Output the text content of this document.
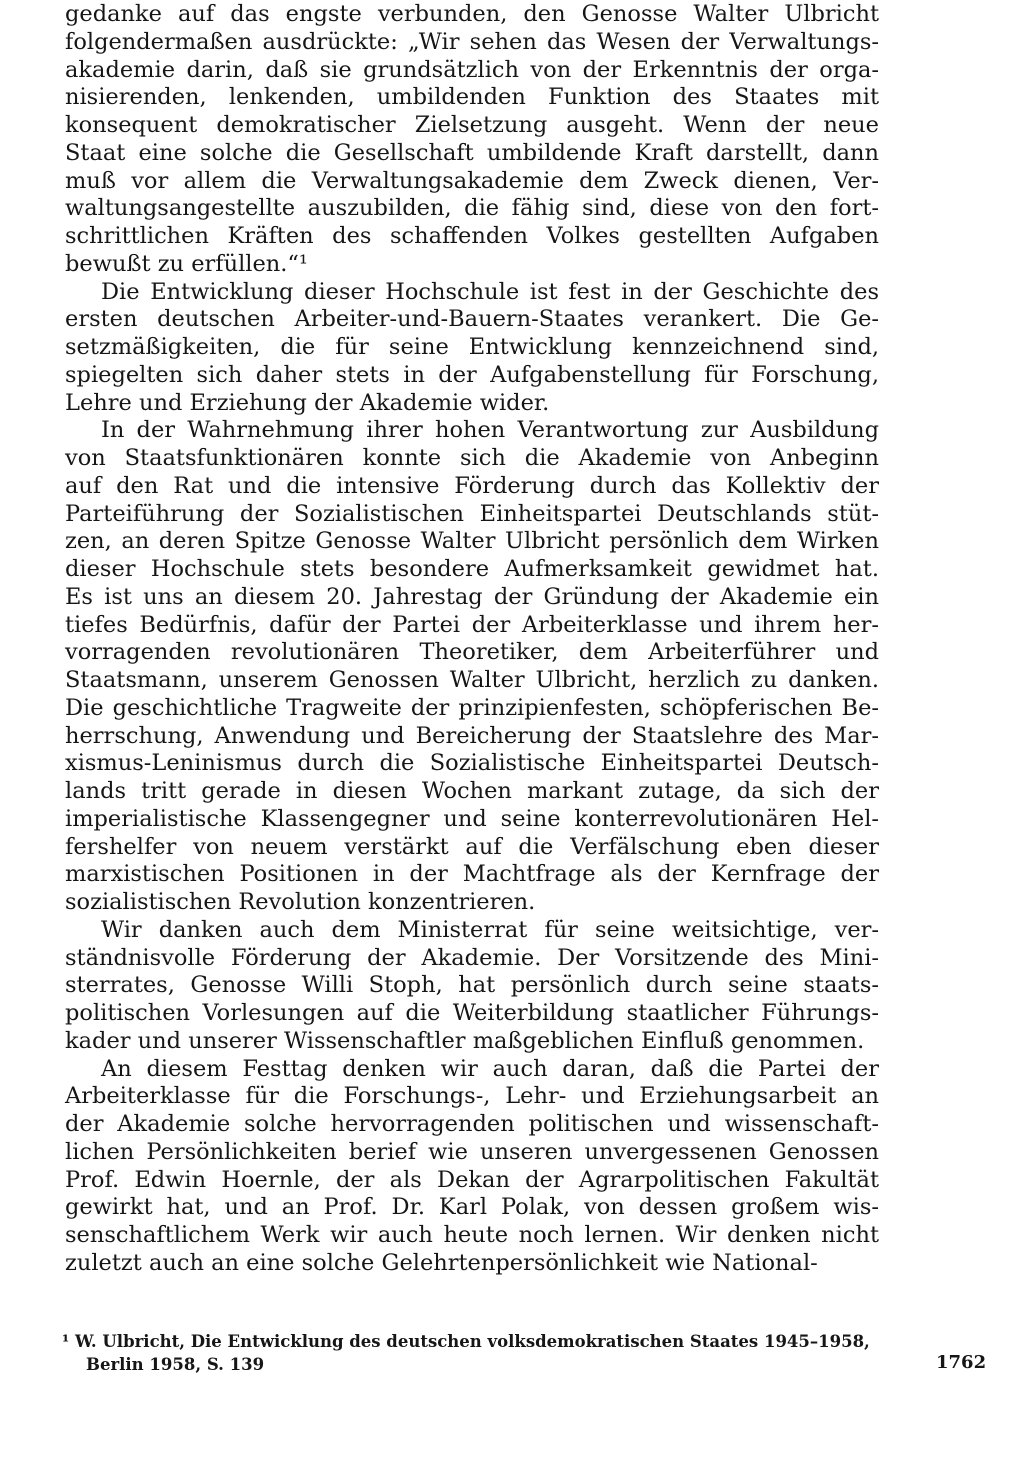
gedanke auf das engste verbunden, den Genosse Walter Ulbricht
folgendermaßen ausdrückte: „Wir sehen das Wesen der Verwaltungs-
akademie darin, daß sie grundsätzlich von der Erkenntnis der orga-
nisierenden, lenkenden, umbildenden Funktion des Staates mit
konsequent demokratischer Zielsetzung ausgeht. Wenn der neue
Staat eine solche die Gesellschaft umbildende Kraft darstellt, dann
muß vor allem die Verwaltungsakademie dem Zweck dienen, Ver-
waltungsangestellte auszubilden, die fähig sind, diese von den fort-
schrittlichen Kräften des schaffenden Volkes gestellten Aufgaben
bewußt zu erfüllen.“¹
Die Entwicklung dieser Hochschule ist fest in der Geschichte des
ersten deutschen Arbeiter-und-Bauern-Staates verankert. Die Ge-
setzmäßigkeiten, die für seine Entwicklung kennzeichnend sind,
spiegelten sich daher stets in der Aufgabenstellung für Forschung,
Lehre und Erziehung der Akademie wider.
In der Wahrnehmung ihrer hohen Verantwortung zur Ausbildung
von Staatsfunktionären konnte sich die Akademie von Anbeginn
auf den Rat und die intensive Förderung durch das Kollektiv der
Parteiführung der Sozialistischen Einheitspartei Deutschlands stüt-
zen, an deren Spitze Genosse Walter Ulbricht persönlich dem Wirken
dieser Hochschule stets besondere Aufmerksamkeit gewidmet hat.
Es ist uns an diesem 20. Jahrestag der Gründung der Akademie ein
tiefes Bedürfnis, dafür der Partei der Arbeiterklasse und ihrem her-
vorragenden revolutionären Theoretiker, dem Arbeiterführer und
Staatsmann, unserem Genossen Walter Ulbricht, herzlich zu danken.
Die geschichtliche Tragweite der prinzipienfesten, schöpferischen Be-
herrschung, Anwendung und Bereicherung der Staatslehre des Mar-
xismus-Leninismus durch die Sozialistische Einheitspartei Deutsch-
lands tritt gerade in diesen Wochen markant zutage, da sich der
imperialistische Klassengegner und seine konterrevolutionären Hel-
fershelfer von neuem verstärkt auf die Verfälschung eben dieser
marxistischen Positionen in der Machtfrage als der Kernfrage der
sozialistischen Revolution konzentrieren.
Wir danken auch dem Ministerrat für seine weitsichtige, ver-
ständnisvolle Förderung der Akademie. Der Vorsitzende des Mini-
sterrates, Genosse Willi Stoph, hat persönlich durch seine staats-
politischen Vorlesungen auf die Weiterbildung staatlicher Führungs-
kader und unserer Wissenschaftler maßgeblichen Einfluß genommen.
An diesem Festtag denken wir auch daran, daß die Partei der
Arbeiterklasse für die Forschungs-, Lehr- und Erziehungsarbeit an
der Akademie solche hervorragenden politischen und wissenschaft-
lichen Persönlichkeiten berief wie unseren unvergessenen Genossen
Prof. Edwin Hoernle, der als Dekan der Agrarpolitischen Fakultät
gewirkt hat, und an Prof. Dr. Karl Polak, von dessen großem wis-
senschaftlichem Werk wir auch heute noch lernen. Wir denken nicht
zuletzt auch an eine solche Gelehrtenpersönlichkeit wie National-
¹ W. Ulbricht, Die Entwicklung des deutschen volksdemokratischen Staates 1945–1958,
Berlin 1958, S. 139	1762
